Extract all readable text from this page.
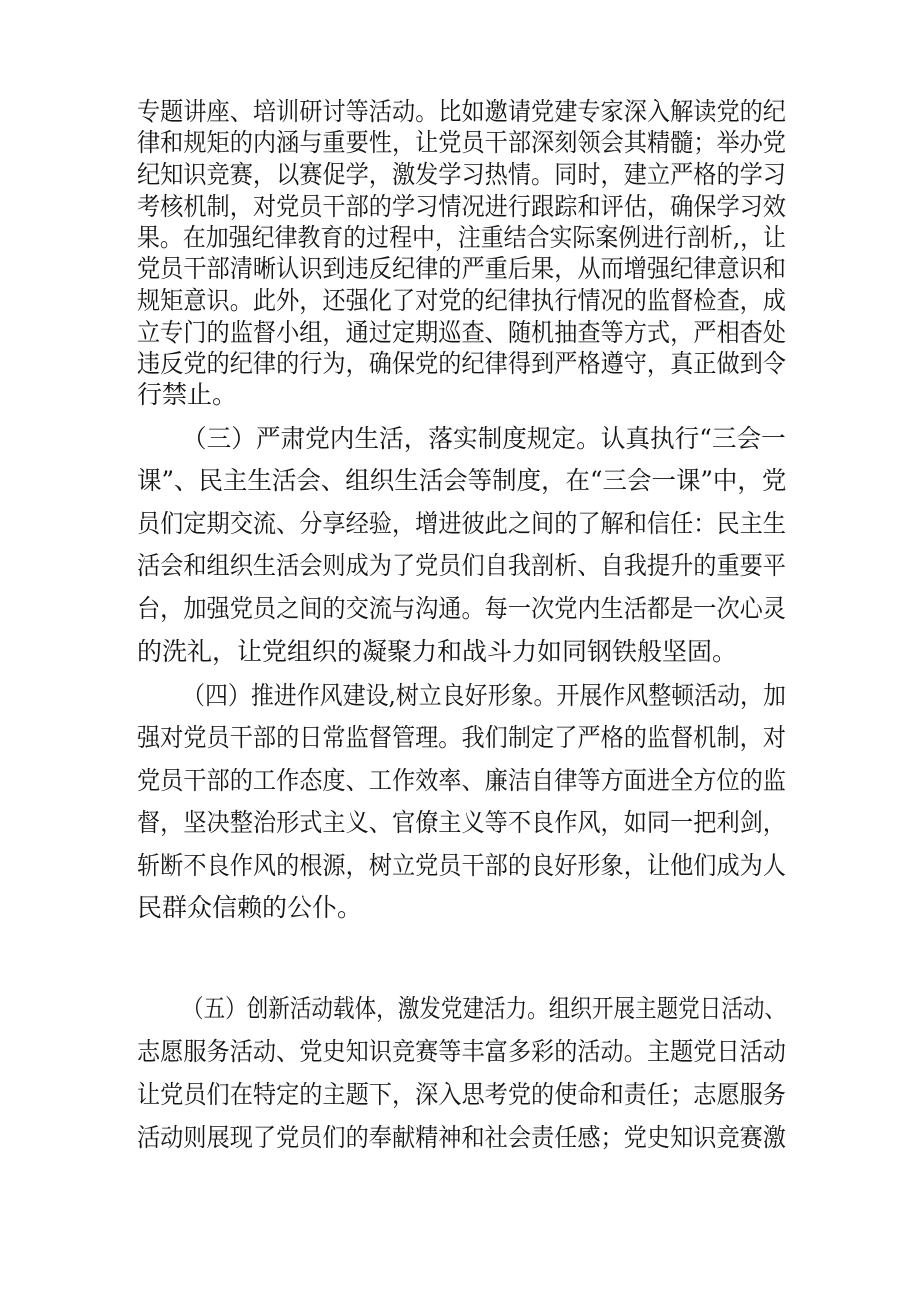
专题讲座、培训研讨等活动。比如邀请党建专家深入解读党的纪
律和规矩的内涵与重要性，让党员干部深刻领会其精髓；举办党
纪知识竞赛，以赛促学，激发学习热情。同时，建立严格的学习
考核机制，对党员干部的学习情况进行跟踪和评估，确保学习效
果。在加强纪律教育的过程中，注重结合实际案例进行剖析,，让
党员干部清晰认识到违反纪律的严重后果，从而增强纪律意识和
规矩意识。此外，还强化了对党的纪律执行情况的监督检查，成
立专门的监督小组，通过定期巡查、随机抽查等方式，严相杳处
违反党的纪律的行为，确保党的纪律得到严格遵守，真正做到令
行禁止。
（三）严肃党内生活，落实制度规定。认真执行“三会一
课”、民主生活会、组织生活会等制度，在“三会一课”中，党
员们定期交流、分享经验，增进彼此之间的了解和信任：民主生
活会和组织生活会则成为了党员们自我剖析、自我提升的重要平
台，加强党员之间的交流与沟通。每一次党内生活都是一次心灵
的洗礼，让党组织的凝聚力和战斗力如同钢铁般坚固。
（四）推进作风建设,树立良好形象。开展作风整顿活动，加
强对党员干部的日常监督管理。我们制定了严格的监督机制，对
党员干部的工作态度、工作效率、廉洁自律等方面进全方位的监
督，坚决整治形式主义、官僚主义等不良作风，如同一把利剑，
斩断不良作风的根源，树立党员干部的良好形象，让他们成为人
民群众信赖的公仆。
（五）创新活动载体，激发党建活力。组织开展主题党日活动、
志愿服务活动、党史知识竞赛等丰富多彩的活动。主题党日活动
让党员们在特定的主题下，深入思考党的使命和责任；志愿服务
活动则展现了党员们的奉献精神和社会责任感；党史知识竞赛激
